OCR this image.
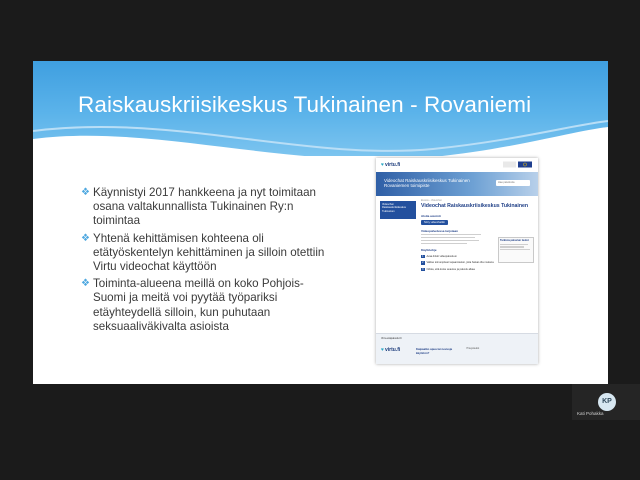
Raiskauskriisikeskus Tukinainen - Rovaniemi
❖ Käynnistyi 2017 hankkeena ja nyt toimitaan osana valtakunnallista Tukinainen Ry:n toimintaa
❖ Yhtenä kehittämisen kohteena oli etätyöskentelyn kehittäminen ja silloin otettiin Virtu videochat käyttöön
❖ Toiminta-alueena meillä on koko Pohjois-Suomi ja meitä voi pyytää työpariksi etäyhteydellä silloin, kun puhutaan seksuaaliväkivalta asioista
♥virtu.fi
Videochat Raiskauskriisikeskus Tukinainen Rovaniemen toimipiste
Hae palveluita
Videochat Raiskauskriisikeskus Tukinainen
Etusivu › Videochat
Videochat Raiskauskriisikeskus Tukinainen
Aloita asiointi
Siirry videochattiin
Videopalvelussa tarjotaan
Käyttöohje
1	Avaa linkki videopalveluun
2	Valitse toimenpiteet tapaamiseksi, jotta haluat olla mukana
3	Odota, että kutsu avautuu ja palvelu alkaa
Tarkista palvelun tiedot
Virtu-etäpalvelut.fi
♥virtu.fi	Kaipaatko apua tai neuvoja käyttöön?
Yhteystiedot
KP
Kati Pohakka
